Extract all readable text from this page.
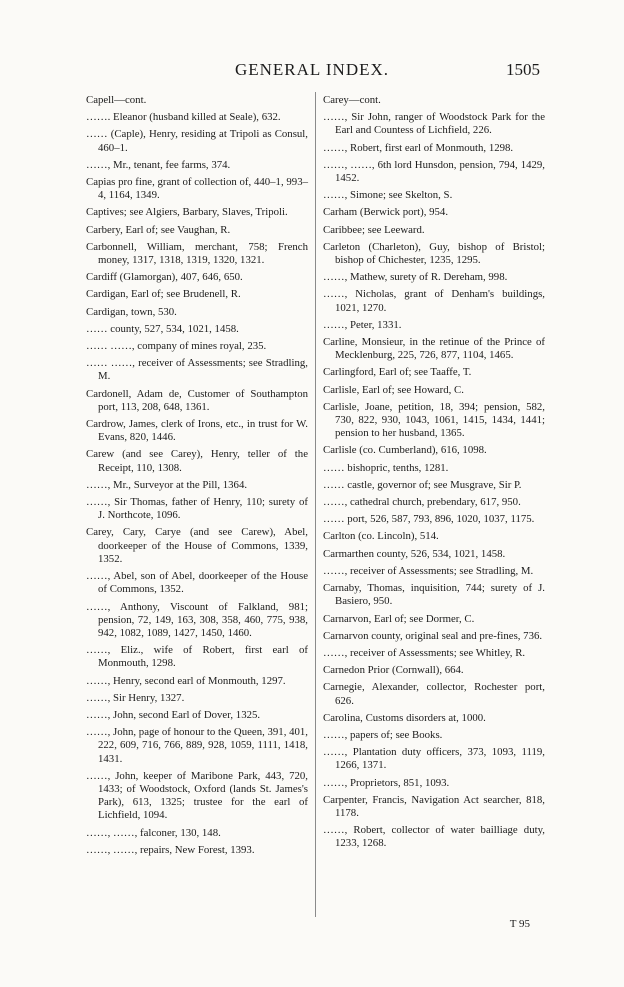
GENERAL INDEX.	1505
Capell—cont.
……. Eleanor (husband killed at Seale), 632.
…… (Caple), Henry, residing at Tripoli as Consul, 460–1.
……, Mr., tenant, fee farms, 374.
Capias pro fine, grant of collection of, 440–1, 993–4, 1164, 1349.
Captives; see Algiers, Barbary, Slaves, Tripoli.
Carbery, Earl of; see Vaughan, R.
Carbonnell, William, merchant, 758; French money, 1317, 1318, 1319, 1320, 1321.
Cardiff (Glamorgan), 407, 646, 650.
Cardigan, Earl of; see Brudenell, R.
Cardigan, town, 530.
…… county, 527, 534, 1021, 1458.
…… ……, company of mines royal, 235.
…… ……, receiver of Assessments; see Stradling, M.
Cardonell, Adam de, Customer of Southampton port, 113, 208, 648, 1361.
Cardrow, James, clerk of Irons, etc., in trust for W. Evans, 820, 1446.
Carew (and see Carey), Henry, teller of the Receipt, 110, 1308.
……, Mr., Surveyor at the Pill, 1364.
……, Sir Thomas, father of Henry, 110; surety of J. Northcote, 1096.
Carey, Cary, Carye (and see Carew), Abel, doorkeeper of the House of Commons, 1339, 1352.
……, Abel, son of Abel, doorkeeper of the House of Commons, 1352.
……, Anthony, Viscount of Falkland, 981; pension, 72, 149, 163, 308, 358, 460, 775, 938, 942, 1082, 1089, 1427, 1450, 1460.
……, Eliz., wife of Robert, first earl of Monmouth, 1298.
……, Henry, second earl of Monmouth, 1297.
……, Sir Henry, 1327.
……, John, second Earl of Dover, 1325.
……, John, page of honour to the Queen, 391, 401, 222, 609, 716, 766, 889, 928, 1059, 1111, 1418, 1431.
……, John, keeper of Maribone Park, 443, 720, 1433; of Woodstock, Oxford (lands St. James's Park), 613, 1325; trustee for the earl of Lichfield, 1094.
……, ……, falconer, 130, 148.
……, ……, repairs, New Forest, 1393.
Carey—cont.
……, Sir John, ranger of Woodstock Park for the Earl and Countess of Lichfield, 226.
……, Robert, first earl of Monmouth, 1298.
……, ……, 6th lord Hunsdon, pension, 794, 1429, 1452.
……, Simone; see Skelton, S.
Carham (Berwick port), 954.
Caribbee; see Leeward.
Carleton (Charleton), Guy, bishop of Bristol; bishop of Chichester, 1235, 1295.
……, Mathew, surety of R. Dereham, 998.
……, Nicholas, grant of Denham's buildings, 1021, 1270.
……, Peter, 1331.
Carline, Monsieur, in the retinue of the Prince of Mecklenburg, 225, 726, 877, 1104, 1465.
Carlingford, Earl of; see Taaffe, T.
Carlisle, Earl of; see Howard, C.
Carlisle, Joane, petition, 18, 394; pension, 582, 730, 822, 930, 1043, 1061, 1415, 1434, 1441; pension to her husband, 1365.
Carlisle (co. Cumberland), 616, 1098.
…… bishopric, tenths, 1281.
…… castle, governor of; see Musgrave, Sir P.
……, cathedral church, prebendary, 617, 950.
…… port, 526, 587, 793, 896, 1020, 1037, 1175.
Carlton (co. Lincoln), 514.
Carmarthen county, 526, 534, 1021, 1458.
……, receiver of Assessments; see Stradling, M.
Carnaby, Thomas, inquisition, 744; surety of J. Basiero, 950.
Carnarvon, Earl of; see Dormer, C.
Carnarvon county, original seal and pre-fines, 736.
……, receiver of Assessments; see Whitley, R.
Carnedon Prior (Cornwall), 664.
Carnegie, Alexander, collector, Rochester port, 626.
Carolina, Customs disorders at, 1000.
……, papers of; see Books.
……, Plantation duty officers, 373, 1093, 1119, 1266, 1371.
……, Proprietors, 851, 1093.
Carpenter, Francis, Navigation Act searcher, 818, 1178.
……, Robert, collector of water bailliage duty, 1233, 1268.
T 95
